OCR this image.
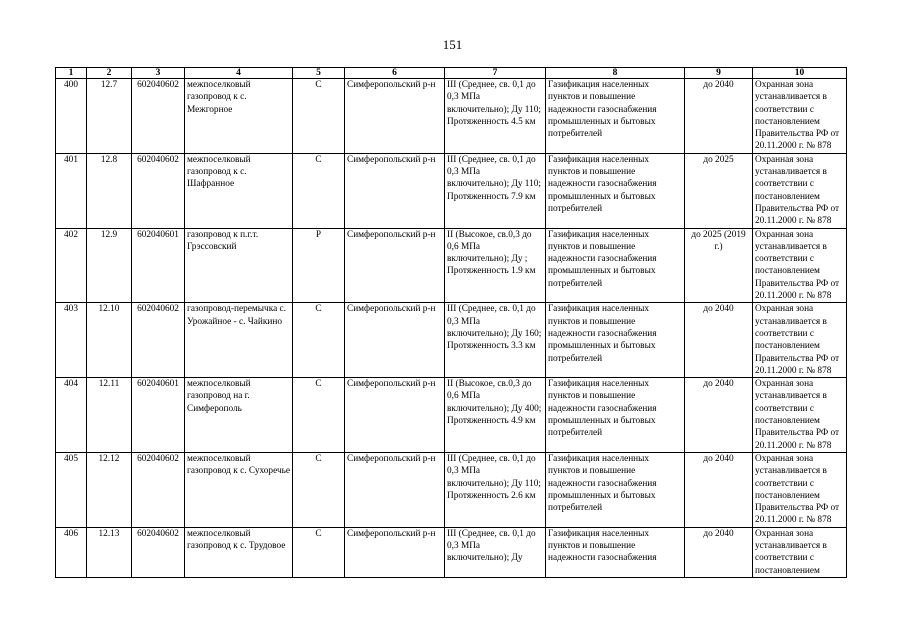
151
1	2	3	4	5	6	7	8	9	10
400	12.7	602040602	межпоселковый газопровод к с. Межгорное	С	Симферопольский р-н	III (Среднее, св. 0,1 до 0,3 МПа включительно); Ду 110; Протяженность 4.5 км	Газификация населенных пунктов и повышение надежности газоснабжения промышленных и бытовых потребителей	до 2040	Охранная зона устанавливается в соответствии с постановлением Правительства РФ от 20.11.2000 г. № 878
401	12.8	602040602	межпоселковый газопровод к с. Шафранное	С	Симферопольский р-н	III (Среднее, св. 0,1 до 0,3 МПа включительно); Ду 110; Протяженность 7.9 км	Газификация населенных пунктов и повышение надежности газоснабжения промышленных и бытовых потребителей	до 2025	Охранная зона устанавливается в соответствии с постановлением Правительства РФ от 20.11.2000 г. № 878
402	12.9	602040601	газопровод к п.г.т. Грэссовский	Р	Симферопольский р-н	II (Высокое, св.0,3 до 0,6 МПа включительно); Ду ; Протяженность 1.9 км	Газификация населенных пунктов и повышение надежности газоснабжения промышленных и бытовых потребителей	до 2025 (2019 г.)	Охранная зона устанавливается в соответствии с постановлением Правительства РФ от 20.11.2000 г. № 878
403	12.10	602040602	газопровод-перемычка с. Урожайное - с. Чайкино	С	Симферопольский р-н	III (Среднее, св. 0,1 до 0,3 МПа включительно); Ду 160; Протяженность 3.3 км	Газификация населенных пунктов и повышение надежности газоснабжения промышленных и бытовых потребителей	до 2040	Охранная зона устанавливается в соответствии с постановлением Правительства РФ от 20.11.2000 г. № 878
404	12.11	602040601	межпоселковый газопровод на г. Симферополь	С	Симферопольский р-н	II (Высокое, св.0,3 до 0,6 МПа включительно); Ду 400; Протяженность 4.9 км	Газификация населенных пунктов и повышение надежности газоснабжения промышленных и бытовых потребителей	до 2040	Охранная зона устанавливается в соответствии с постановлением Правительства РФ от 20.11.2000 г. № 878
405	12.12	602040602	межпоселковый газопровод к с. Сухоречье	С	Симферопольский р-н	III (Среднее, св. 0,1 до 0,3 МПа включительно); Ду 110; Протяженность 2.6 км	Газификация населенных пунктов и повышение надежности газоснабжения промышленных и бытовых потребителей	до 2040	Охранная зона устанавливается в соответствии с постановлением Правительства РФ от 20.11.2000 г. № 878
406	12.13	602040602	межпоселковый газопровод к с. Трудовое	С	Симферопольский р-н	III (Среднее, св. 0,1 до 0,3 МПа включительно); Ду	Газификация населенных пунктов и повышение надежности газоснабжения	до 2040	Охранная зона устанавливается в соответствии с постановлением
